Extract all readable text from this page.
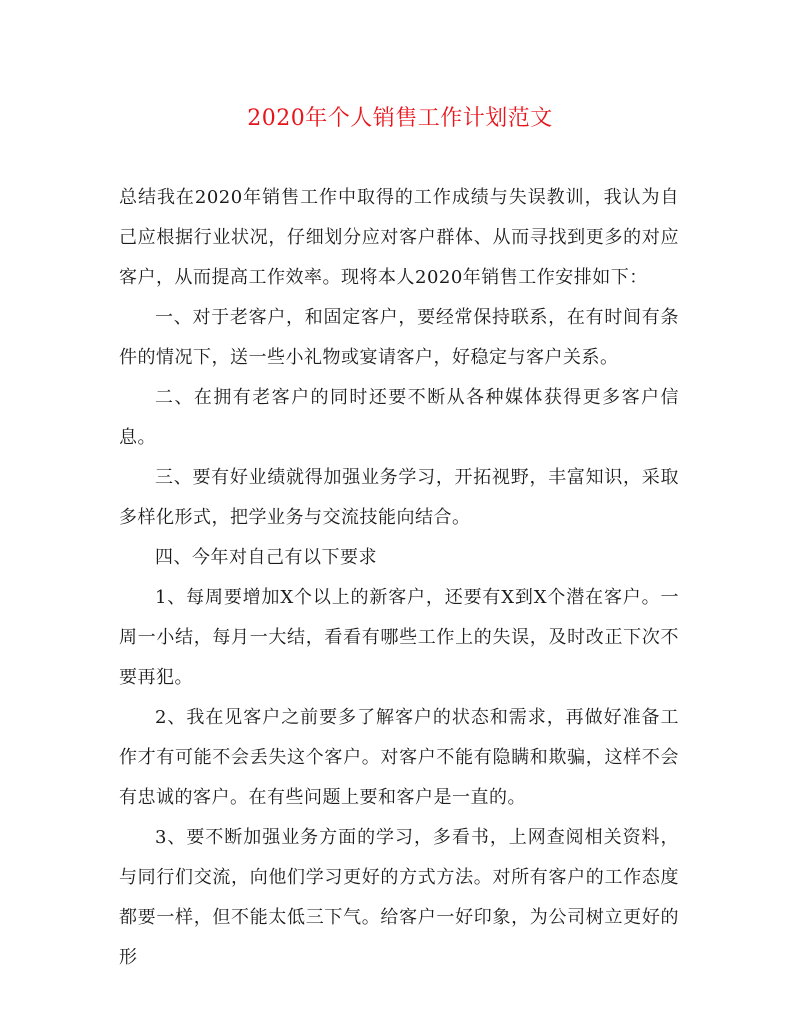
2020年个人销售工作计划范文

总结我在2020年销售工作中取得的工作成绩与失误教训，我认为自己应根据行业状况，仔细划分应对客户群体、从而寻找到更多的对应客户，从而提高工作效率。现将本人2020年销售工作安排如下：

一、对于老客户，和固定客户，要经常保持联系，在有时间有条件的情况下，送一些小礼物或宴请客户，好稳定与客户关系。

二、在拥有老客户的同时还要不断从各种媒体获得更多客户信息。

三、要有好业绩就得加强业务学习，开拓视野，丰富知识，采取多样化形式，把学业务与交流技能向结合。

四、今年对自己有以下要求

1、每周要增加X个以上的新客户，还要有X到X个潜在客户。一周一小结，每月一大结，看看有哪些工作上的失误，及时改正下次不要再犯。

2、我在见客户之前要多了解客户的状态和需求，再做好准备工作才有可能不会丢失这个客户。对客户不能有隐瞒和欺骗，这样不会有忠诚的客户。在有些问题上要和客户是一直的。

3、要不断加强业务方面的学习，多看书，上网查阅相关资料，与同行们交流，向他们学习更好的方式方法。对所有客户的工作态度都要一样，但不能太低三下气。给客户一好印象，为公司树立更好的形
